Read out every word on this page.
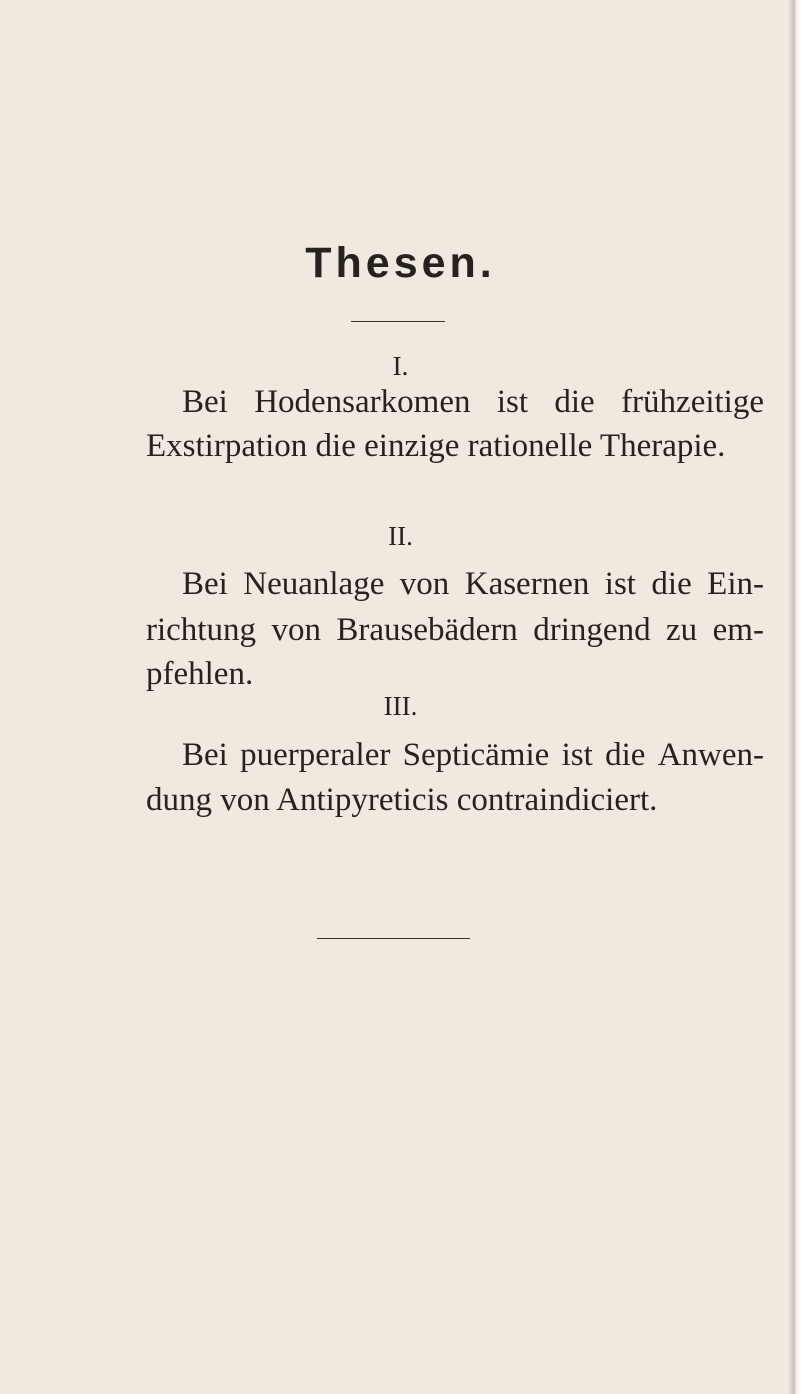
Thesen.
I.
Bei Hodensarkomen ist die frühzeitige
Exstirpation die einzige rationelle Therapie.
II.
Bei Neuanlage von Kasernen ist die Ein-
richtung von Brausebädern dringend zu em-
pfehlen.
III.
Bei puerperaler Septicämie ist die Anwen-
dung von Antipyreticis contraindiciert.
